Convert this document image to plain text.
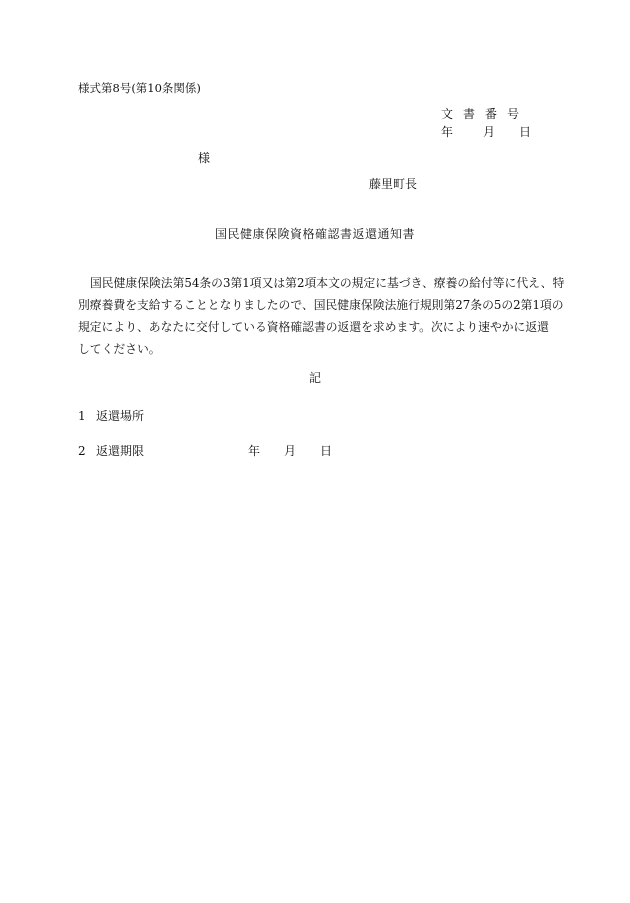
様式第8号(第10条関係)
文書番号
年 月 日
様
藤里町長
国民健康保険資格確認書返還通知書
国民健康保険法第54条の3第1項又は第2項本文の規定に基づき、療養の給付等に代え、特
別療養費を支給することとなりましたので、国民健康保険法施行規則第27条の5の2第1項の
規定により、あなたに交付している資格確認書の返還を求めます。次により速やかに返還
してください。
記
1 返還場所
2 返還期限	年 月 日
